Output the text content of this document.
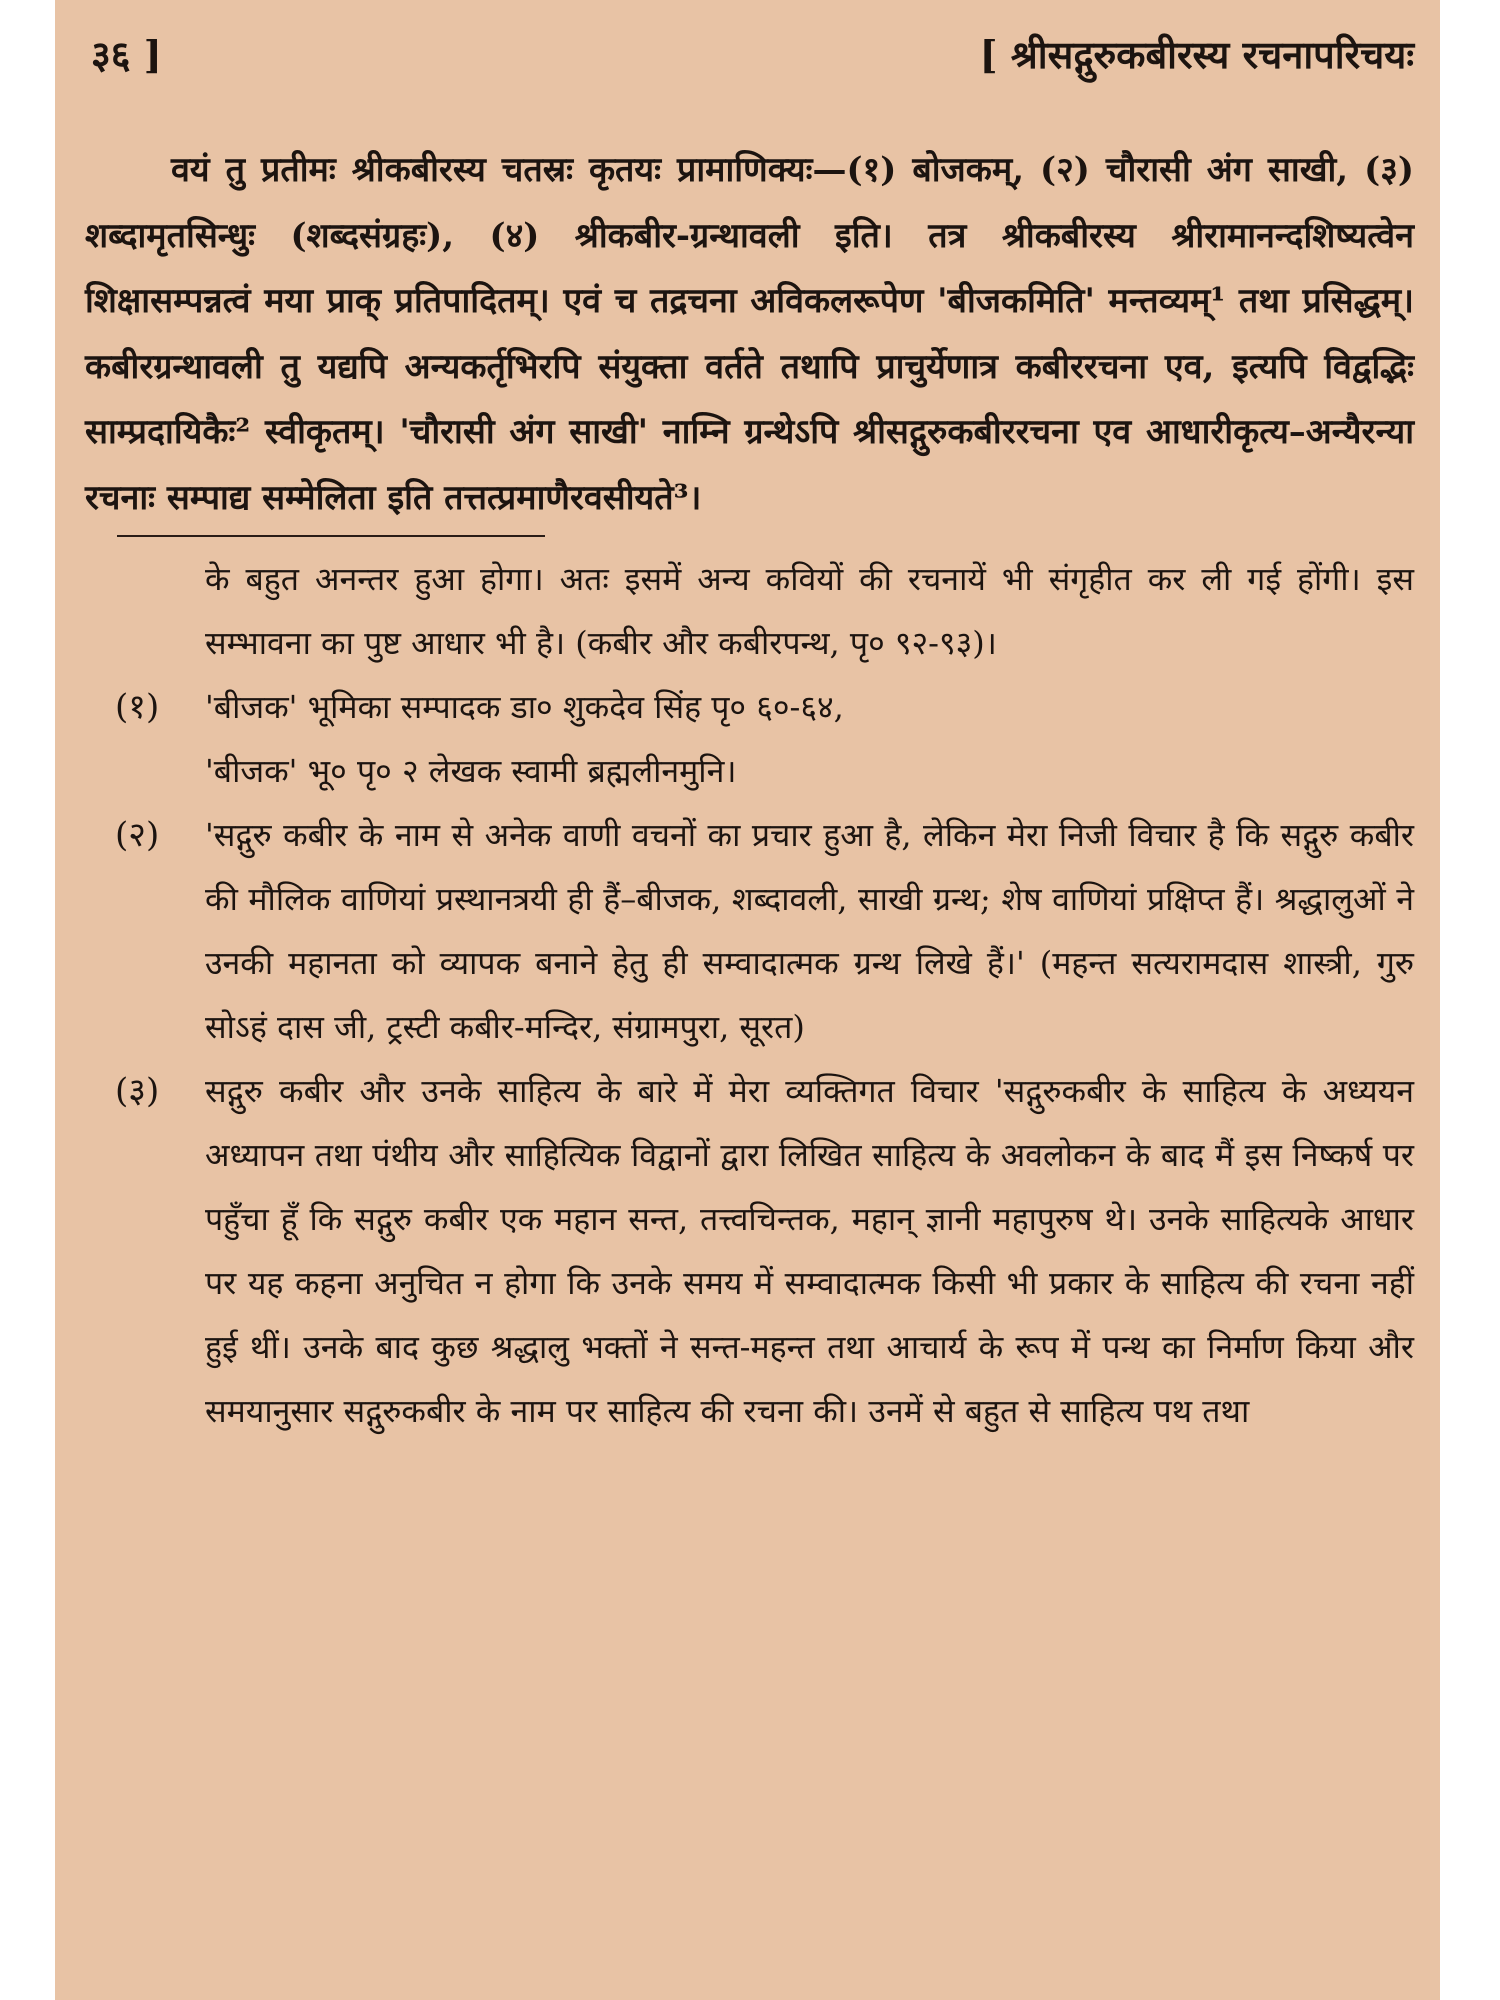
३६ ]	[ श्रीसद्गुरुकबीरस्य रचनापरिचयः

वयं तु प्रतीमः श्रीकबीरस्य चतस्रः कृतयः प्रामाणिक्यः—(१) बोजकम्, (२) चौरासी अंग साखी, (३) शब्दामृतसिन्धुः (शब्दसंग्रहः), (४) श्रीकबीर-ग्रन्थावली इति। तत्र श्रीकबीरस्य श्रीरामानन्दशिष्यत्वेन शिक्षासम्पन्नत्वं मया प्राक् प्रतिपादितम्। एवं च तद्रचना अविकलरूपेण 'बीजकमिति' मन्तव्यम्¹ तथा प्रसिद्धम्। कबीरग्रन्थावली तु यद्यपि अन्यकर्तृभिरपि संयुक्ता वर्तते तथापि प्राचुर्येणात्र कबीररचना एव, इत्यपि विद्वद्भिः साम्प्रदायिकैः² स्वीकृतम्। 'चौरासी अंग साखी' नाम्नि ग्रन्थेऽपि श्रीसद्गुरुकबीररचना एव आधारीकृत्य–अन्यैरन्या रचनाः सम्पाद्य सम्मेलिता इति तत्तत्प्रमाणैरवसीयते³।

के बहुत अनन्तर हुआ होगा। अतः इसमें अन्य कवियों की रचनायें भी संगृहीत कर ली गई होंगी। इस सम्भावना का पुष्ट आधार भी है। (कबीर और कबीरपन्थ, पृ० ९२-९३)।

(१)	'बीजक' भूमिका सम्पादक डा० शुकदेव सिंह पृ० ६०-६४,
'बीजक' भू० पृ० २ लेखक स्वामी ब्रह्मलीनमुनि।
(२)	'सद्गुरु कबीर के नाम से अनेक वाणी वचनों का प्रचार हुआ है, लेकिन मेरा निजी विचार है कि सद्गुरु कबीर की मौलिक वाणियां प्रस्थानत्रयी ही हैं–बीजक, शब्दावली, साखी ग्रन्थ; शेष वाणियां प्रक्षिप्त हैं। श्रद्धालुओं ने उनकी महानता को व्यापक बनाने हेतु ही सम्वादात्मक ग्रन्थ लिखे हैं।' (महन्त सत्यरामदास शास्त्री, गुरु सोऽहं दास जी, ट्रस्टी कबीर-मन्दिर, संग्रामपुरा, सूरत)
(३)	सद्गुरु कबीर और उनके साहित्य के बारे में मेरा व्यक्तिगत विचार 'सद्गुरुकबीर के साहित्य के अध्ययन अध्यापन तथा पंथीय और साहित्यिक विद्वानों द्वारा लिखित साहित्य के अवलोकन के बाद मैं इस निष्कर्ष पर पहुँचा हूँ कि सद्गुरु कबीर एक महान सन्त, तत्त्वचिन्तक, महान् ज्ञानी महापुरुष थे। उनके साहित्यके आधार पर यह कहना अनुचित न होगा कि उनके समय में सम्वादात्मक किसी भी प्रकार के साहित्य की रचना नहीं हुई थीं। उनके बाद कुछ श्रद्धालु भक्तों ने सन्त-महन्त तथा आचार्य के रूप में पन्थ का निर्माण किया और समयानुसार सद्गुरुकबीर के नाम पर साहित्य की रचना की। उनमें से बहुत से साहित्य पथ तथा
